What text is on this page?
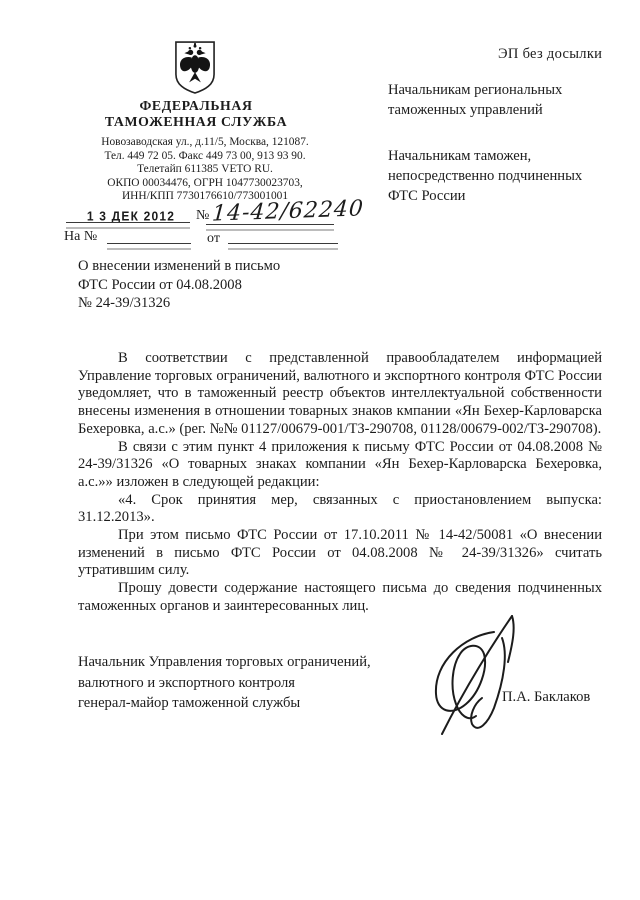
ЭП без досылки
ФЕДЕРАЛЬНАЯ
ТАМОЖЕННАЯ СЛУЖБА
Новозаводская ул., д.11/5, Москва, 121087.
Тел. 449 72 05. Факс 449 73 00, 913 93 90.
Телетайп 611385 VETO RU.
ОКПО 00034476, ОГРН 1047730023703,
ИНН/КПП 7730176610/773001001
1 3 ДЕК 2012	№ 14-42/62240
На №	от
Начальникам региональных
таможенных управлений
Начальникам таможен,
непосредственно подчиненных
ФТС России
О внесении изменений в письмо
ФТС России от 04.08.2008
№ 24-39/31326

В соответствии с представленной правообладателем информацией Управление торговых ограничений, валютного и экспортного контроля ФТС России уведомляет, что в таможенный реестр объектов интеллектуальной собственности внесены изменения в отношении товарных знаков кмпании «Ян Бехер-Карловарска Бехеровка, а.с.» (рег. №№ 01127/00679-001/ТЗ-290708, 01128/00679-002/ТЗ-290708).

В связи с этим пункт 4 приложения к письму ФТС России от 04.08.2008 № 24-39/31326 «О товарных знаках компании «Ян Бехер-Карловарска Бехеровка, а.с.»» изложен в следующей редакции:

«4. Срок принятия мер, связанных с приостановлением выпуска: 31.12.2013».

При этом письмо ФТС России от 17.10.2011 № 14-42/50081 «О внесении изменений в письмо ФТС России от 04.08.2008 № 24-39/31326» считать утратившим силу.

Прошу довести содержание настоящего письма до сведения подчиненных таможенных органов и заинтересованных лиц.

Начальник Управления торговых ограничений,
валютного и экспортного контроля
генерал-майор таможенной службы	П.А. Баклаков
